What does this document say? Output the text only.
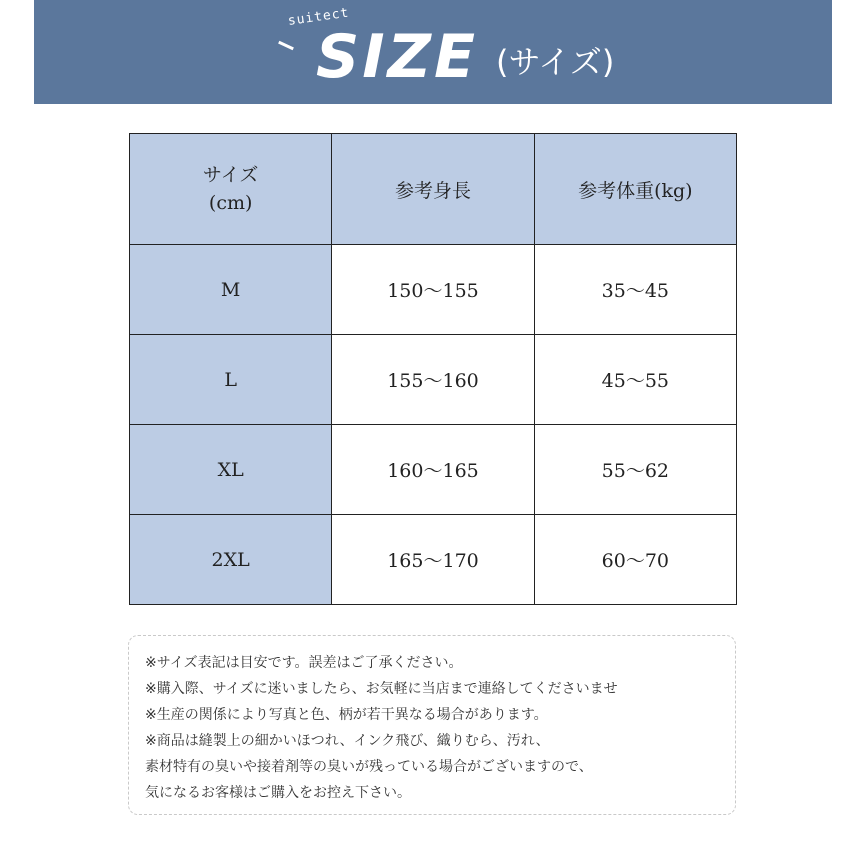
suitect
SIZE (サイズ)
サイズ
(cm)	参考身長	参考体重(kg)
M	150～155	35～45
L	155～160	45～55
XL	160～165	55～62
2XL	165～170	60～70
※サイズ表記は目安です。誤差はご了承ください。
※購入際、サイズに迷いましたら、お気軽に当店まで連絡してくださいませ
※生産の関係により写真と色、柄が若干異なる場合があります。
※商品は縫製上の細かいほつれ、インク飛び、織りむら、汚れ、
素材特有の臭いや接着剤等の臭いが残っている場合がございますので、
気になるお客様はご購入をお控え下さい。
